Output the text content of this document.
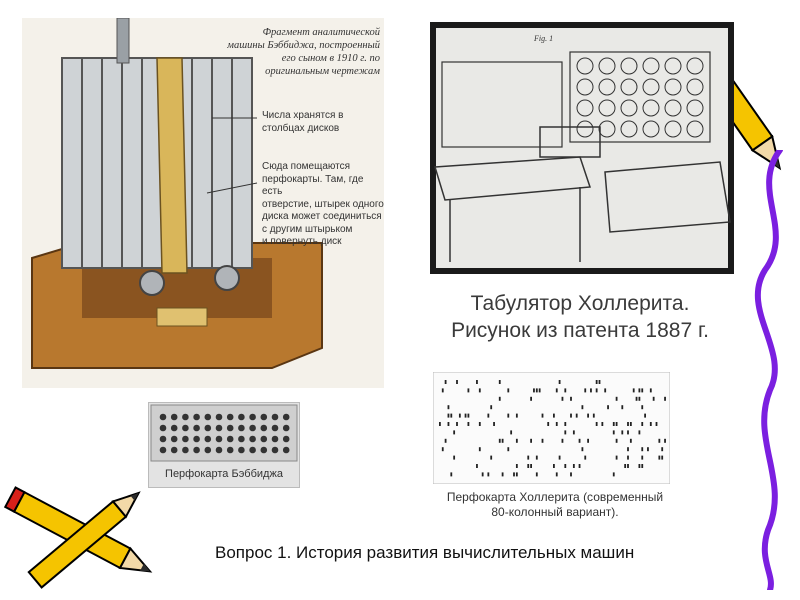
Фрагмент аналитической
машины Бэббиджа, построенный
его сыном в 1910 г. по
оригинальным чертежам
Числа хранятся в
столбцах дисков
Сюда помещаются
перфокарты. Там, где есть
отверстие, штырек одного
диска может соединиться
с другим штырьком
и повернуть диск
Fig. 1
Табулятор Холлерита.
Рисунок из патента 1887 г.
Перфокарта Бэббиджа
Перфокарта Холлерита (современный
80-колонный вариант).
Вопрос 1. История развития вычислительных машин
